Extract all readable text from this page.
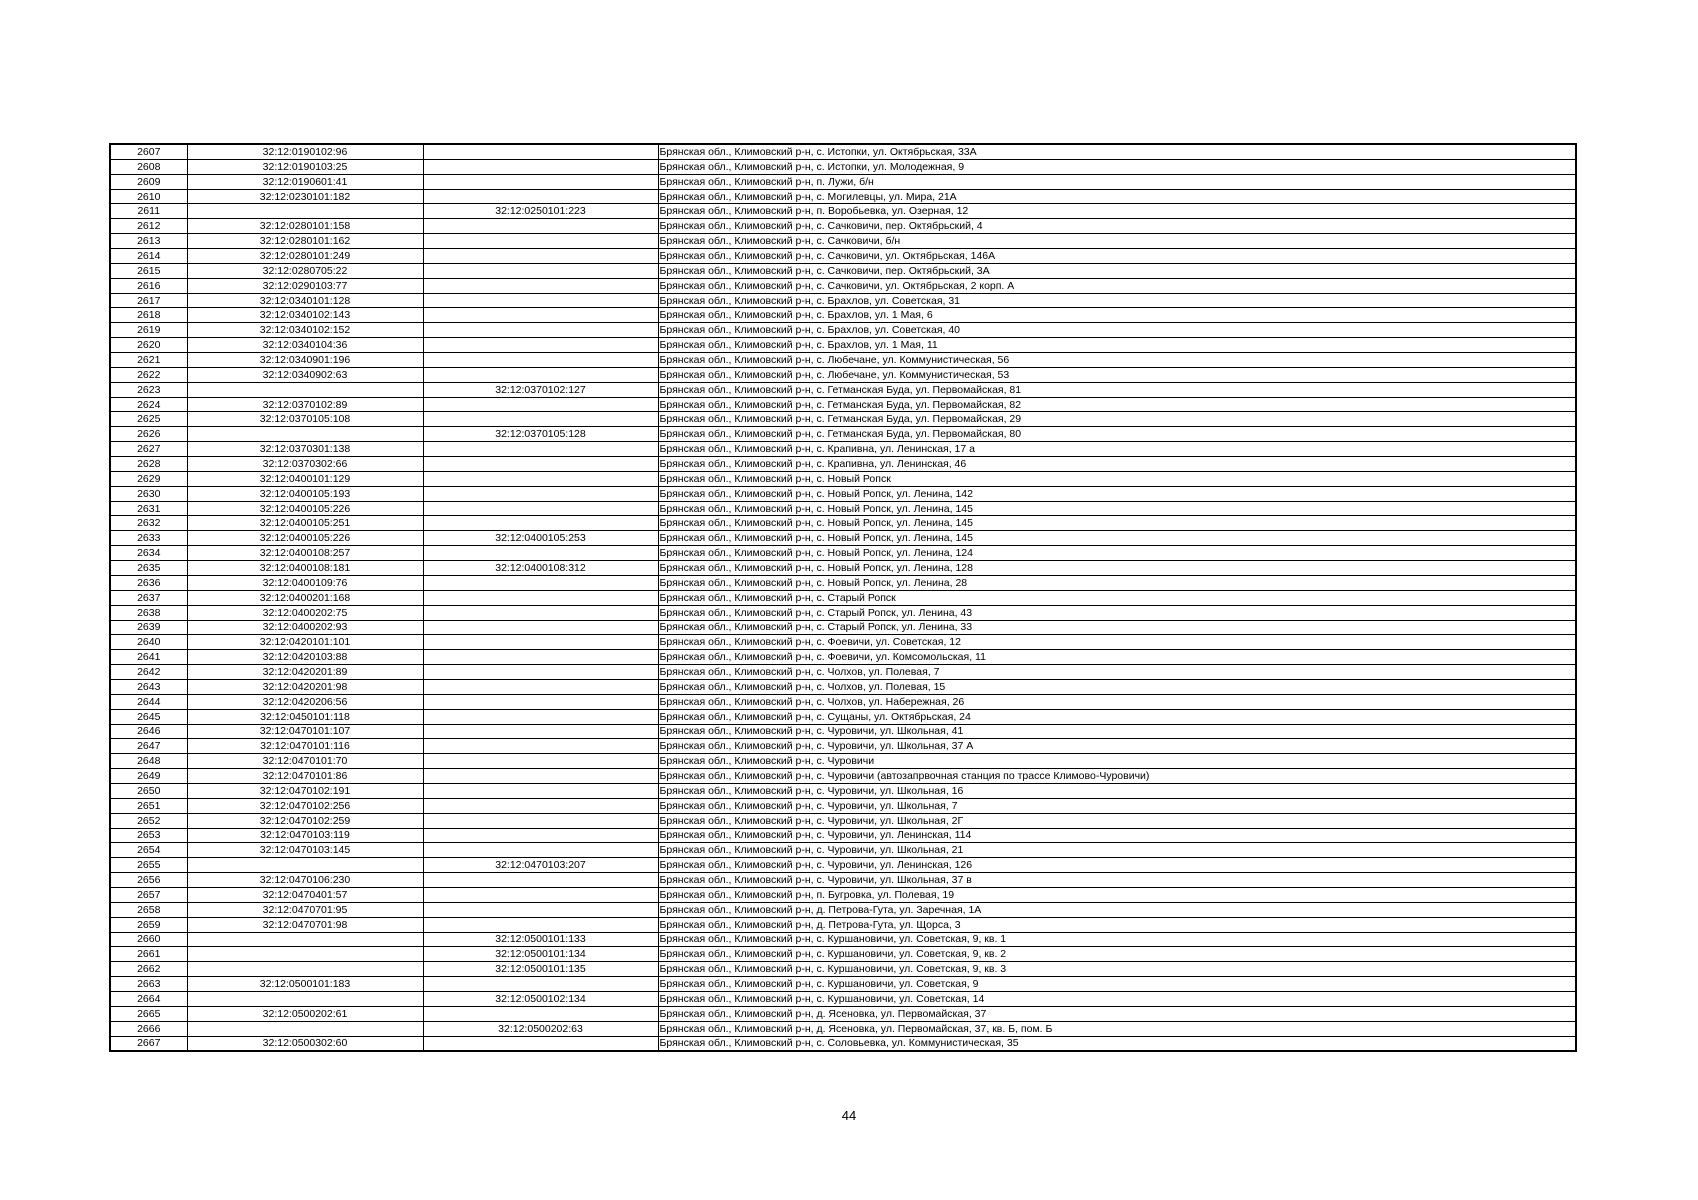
2607	32:12:0190102:96		Брянская обл., Климовский р-н, с. Истопки, ул. Октябрьская, 33А
2608	32:12:0190103:25		Брянская обл., Климовский р-н, с. Истопки, ул. Молодежная, 9
2609	32:12:0190601:41		Брянская обл., Климовский р-н, п. Лужи, б/н
2610	32:12:0230101:182		Брянская обл., Климовский р-н, с. Могилевцы, ул. Мира, 21А
2611		32:12:0250101:223	Брянская обл., Климовский р-н, п. Воробьевка, ул. Озерная, 12
2612	32:12:0280101:158		Брянская обл., Климовский р-н, с. Сачковичи, пер. Октябрьский, 4
2613	32:12:0280101:162		Брянская обл., Климовский р-н, с. Сачковичи, б/н
2614	32:12:0280101:249		Брянская обл., Климовский р-н, с. Сачковичи, ул. Октябрьская, 146А
2615	32:12:0280705:22		Брянская обл., Климовский р-н, с. Сачковичи, пер. Октябрьский, 3А
2616	32:12:0290103:77		Брянская обл., Климовский р-н, с. Сачковичи, ул. Октябрьская, 2 корп. А
2617	32:12:0340101:128		Брянская обл., Климовский р-н, с. Брахлов, ул. Советская, 31
2618	32:12:0340102:143		Брянская обл., Климовский р-н, с. Брахлов, ул. 1 Мая, 6
2619	32:12:0340102:152		Брянская обл., Климовский р-н, с. Брахлов, ул. Советская, 40
2620	32:12:0340104:36		Брянская обл., Климовский р-н, с. Брахлов, ул. 1 Мая, 11
2621	32:12:0340901:196		Брянская обл., Климовский р-н, с. Любечане, ул. Коммунистическая, 56
2622	32:12:0340902:63		Брянская обл., Климовский р-н, с. Любечане, ул. Коммунистическая, 53
2623		32:12:0370102:127	Брянская обл., Климовский р-н, с. Гетманская Буда, ул. Первомайская, 81
2624	32:12:0370102:89		Брянская обл., Климовский р-н, с. Гетманская Буда, ул. Первомайская, 82
2625	32:12:0370105:108		Брянская обл., Климовский р-н, с. Гетманская Буда, ул. Первомайская, 29
2626		32:12:0370105:128	Брянская обл., Климовский р-н, с. Гетманская Буда, ул. Первомайская, 80
2627	32:12:0370301:138		Брянская обл., Климовский р-н, с. Крапивна, ул. Ленинская, 17 а
2628	32:12:0370302:66		Брянская обл., Климовский р-н, с. Крапивна, ул. Ленинская, 46
2629	32:12:0400101:129		Брянская обл., Климовский р-н, с. Новый Ропск
2630	32:12:0400105:193		Брянская обл., Климовский р-н, с. Новый Ропск, ул. Ленина, 142
2631	32:12:0400105:226		Брянская обл., Климовский р-н, с. Новый Ропск, ул. Ленина, 145
2632	32:12:0400105:251		Брянская обл., Климовский р-н, с. Новый Ропск, ул. Ленина, 145
2633	32:12:0400105:226	32:12:0400105:253	Брянская обл., Климовский р-н, с. Новый Ропск, ул. Ленина, 145
2634	32:12:0400108:257		Брянская обл., Климовский р-н, с. Новый Ропск, ул. Ленина, 124
2635	32:12:0400108:181	32:12:0400108:312	Брянская обл., Климовский р-н, с. Новый Ропск, ул. Ленина, 128
2636	32:12:0400109:76		Брянская обл., Климовский р-н, с. Новый Ропск, ул. Ленина, 28
2637	32:12:0400201:168		Брянская обл., Климовский р-н, с. Старый Ропск
2638	32:12:0400202:75		Брянская обл., Климовский р-н, с. Старый Ропск, ул. Ленина, 43
2639	32:12:0400202:93		Брянская обл., Климовский р-н, с. Старый Ропск, ул. Ленина, 33
2640	32:12:0420101:101		Брянская обл., Климовский р-н, с. Фоевичи, ул. Советская, 12
2641	32:12:0420103:88		Брянская обл., Климовский р-н, с. Фоевичи, ул. Комсомольская, 11
2642	32:12:0420201:89		Брянская обл., Климовский р-н, с. Чолхов, ул. Полевая, 7
2643	32:12:0420201:98		Брянская обл., Климовский р-н, с. Чолхов, ул. Полевая, 15
2644	32:12:0420206:56		Брянская обл., Климовский р-н, с. Чолхов, ул. Набережная, 26
2645	32:12:0450101:118		Брянская обл., Климовский р-н, с. Сущаны, ул. Октябрьская, 24
2646	32:12:0470101:107		Брянская обл., Климовский р-н, с. Чуровичи, ул. Школьная, 41
2647	32:12:0470101:116		Брянская обл., Климовский р-н, с. Чуровичи, ул. Школьная, 37 А
2648	32:12:0470101:70		Брянская обл., Климовский р-н, с. Чуровичи
2649	32:12:0470101:86		Брянская обл., Климовский р-н, с. Чуровичи (автозапрвочная станция по трассе Климово-Чуровичи)
2650	32:12:0470102:191		Брянская обл., Климовский р-н, с. Чуровичи, ул. Школьная, 16
2651	32:12:0470102:256		Брянская обл., Климовский р-н, с. Чуровичи, ул. Школьная, 7
2652	32:12:0470102:259		Брянская обл., Климовский р-н, с. Чуровичи, ул. Школьная, 2Г
2653	32:12:0470103:119		Брянская обл., Климовский р-н, с. Чуровичи, ул. Ленинская, 114
2654	32:12:0470103:145		Брянская обл., Климовский р-н, с. Чуровичи, ул. Школьная, 21
2655		32:12:0470103:207	Брянская обл., Климовский р-н, с. Чуровичи, ул. Ленинская, 126
2656	32:12:0470106:230		Брянская обл., Климовский р-н, с. Чуровичи, ул. Школьная, 37 в
2657	32:12:0470401:57		Брянская обл., Климовский р-н, п. Бугровка, ул. Полевая, 19
2658	32:12:0470701:95		Брянская обл., Климовский р-н, д. Петрова-Гута, ул. Заречная, 1А
2659	32:12:0470701:98		Брянская обл., Климовский р-н, д. Петрова-Гута, ул. Щорса, 3
2660		32:12:0500101:133	Брянская обл., Климовский р-н, с. Куршановичи, ул. Советская, 9, кв. 1
2661		32:12:0500101:134	Брянская обл., Климовский р-н, с. Куршановичи, ул. Советская, 9, кв. 2
2662		32:12:0500101:135	Брянская обл., Климовский р-н, с. Куршановичи, ул. Советская, 9, кв. 3
2663	32:12:0500101:183		Брянская обл., Климовский р-н, с. Куршановичи, ул. Советская, 9
2664		32:12:0500102:134	Брянская обл., Климовский р-н, с. Куршановичи, ул. Советская, 14
2665	32:12:0500202:61		Брянская обл., Климовский р-н, д. Ясеновка, ул. Первомайская, 37
2666		32:12:0500202:63	Брянская обл., Климовский р-н, д. Ясеновка, ул. Первомайская, 37, кв. Б, пом. Б
2667	32:12:0500302:60		Брянская обл., Климовский р-н, с. Соловьевка, ул. Коммунистическая, 35
44
